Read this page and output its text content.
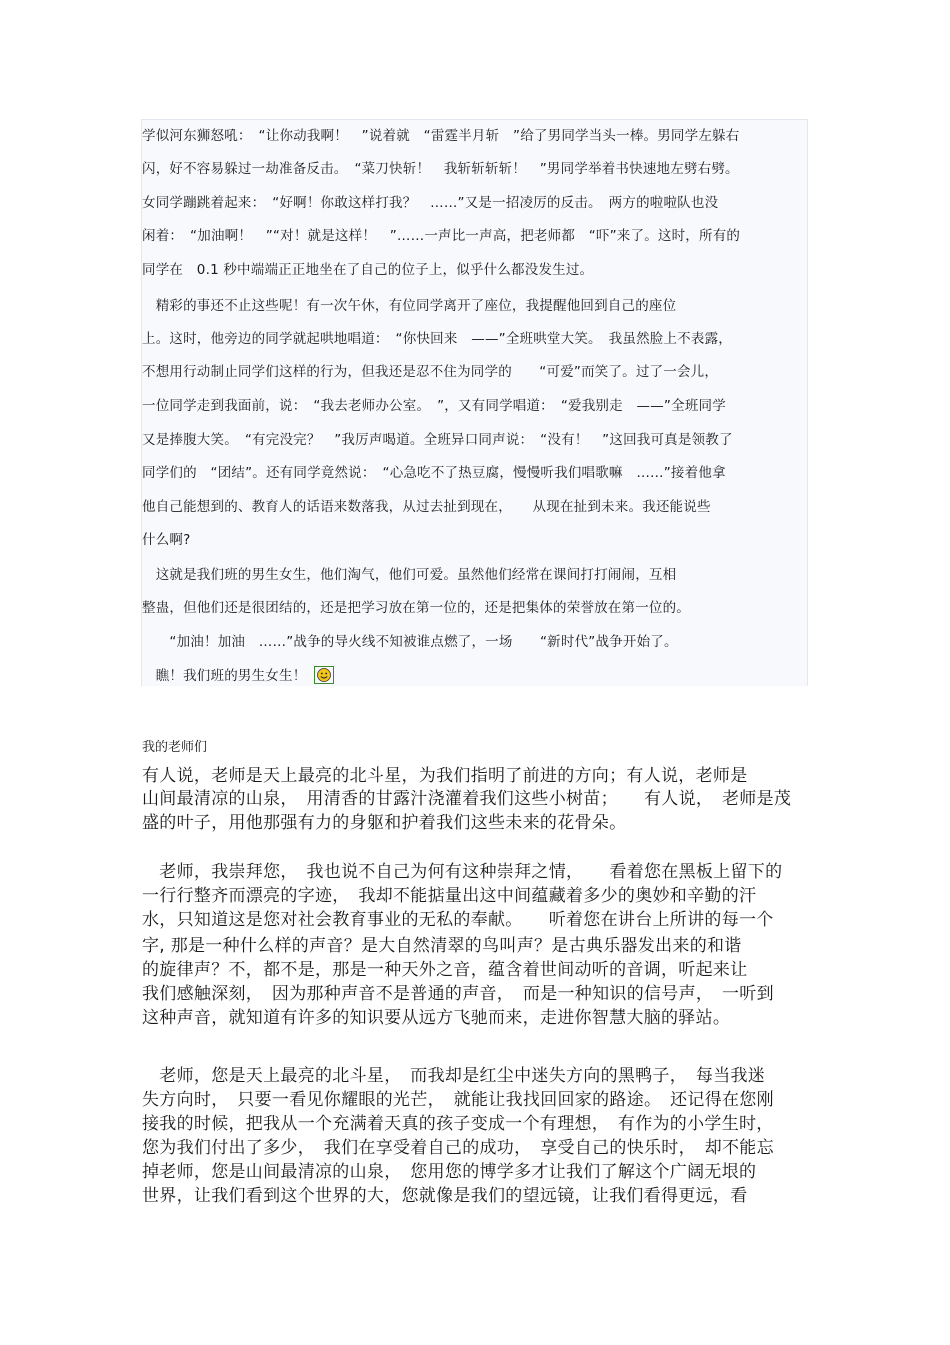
学似河东狮怒吼：　“让你动我啊！　”说着就　“雷霆半月斩　”给了男同学当头一棒。男同学左躲右
闪，好不容易躲过一劫准备反击。　“菜刀快斩！　我斩斩斩斩！　”男同学举着书快速地左劈右劈。
女同学蹦跳着起来：　“好啊！你敢这样打我？　……”又是一招凌厉的反击。　两方的啦啦队也没
闲着：　“加油啊！　”“对！就是这样！　”……一声比一声高，把老师都　“吓”来了。这时，所有的
同学在　0.1 秒中端端正正地坐在了自己的位子上，似乎什么都没发生过。
　精彩的事还不止这些呢！有一次午休，有位同学离开了座位，我提醒他回到自己的座位
上。这时，他旁边的同学就起哄地唱道：　“你快回来　——”全班哄堂大笑。　我虽然脸上不表露，
不想用行动制止同学们这样的行为，但我还是忍不住为同学的　　“可爱”而笑了。过了一会儿，
一位同学走到我面前，说：　“我去老师办公室。　”，又有同学唱道：　“爱我别走　——”全班同学
又是捧腹大笑。　“有完没完？　”我厉声喝道。全班异口同声说：　“没有！　”这回我可真是领教了
同学们的　“团结”。还有同学竟然说：　“心急吃不了热豆腐，慢慢听我们唱歌嘛　……”接着他拿
他自己能想到的、教育人的话语来数落我，从过去扯到现在，　　从现在扯到未来。我还能说些
什么啊?
　这就是我们班的男生女生，他们淘气，他们可爱。虽然他们经常在课间打打闹闹，互相
整蛊，但他们还是很团结的，还是把学习放在第一位的，还是把集体的荣誉放在第一位的。
　　“加油！加油　……”战争的导火线不知被谁点燃了，一场　　“新时代”战争开始了。
　瞧！我们班的男生女生！
我的老师们
有人说，老师是天上最亮的北斗星，为我们指明了前进的方向；有人说，老师是
山间最清凉的山泉，　用清香的甘露汁浇灌着我们这些小树苗；　　有人说，　老师是茂
盛的叶子，用他那强有力的身躯和护着我们这些未来的花骨朵。
　老师，我崇拜您，　我也说不自己为何有这种崇拜之情，　　看着您在黑板上留下的
一行行整齐而漂亮的字迹，　我却不能掂量出这中间蕴藏着多少的奥妙和辛勤的汗
水，只知道这是您对社会教育事业的无私的奉献。　　听着您在讲台上所讲的每一个
字, 那是一种什么样的声音？是大自然清翠的鸟叫声？是古典乐器发出来的和谐
的旋律声？不，都不是，那是一种天外之音，蕴含着世间动听的音调，听起来让
我们感触深刻，　因为那种声音不是普通的声音，　而是一种知识的信号声，　一听到
这种声音，就知道有许多的知识要从远方飞驰而来，走进你智慧大脑的驿站。
　老师，您是天上最亮的北斗星，　而我却是红尘中迷失方向的黑鸭子，　每当我迷
失方向时，　只要一看见你耀眼的光芒，　就能让我找回回家的路途。　还记得在您刚
接我的时候，把我从一个充满着天真的孩子变成一个有理想，　有作为的小学生时，
您为我们付出了多少，　我们在享受着自己的成功，　享受自己的快乐时，　却不能忘
掉老师，您是山间最清凉的山泉，　您用您的博学多才让我们了解这个广阔无垠的
世界，让我们看到这个世界的大，您就像是我们的望远镜，让我们看得更远，看
